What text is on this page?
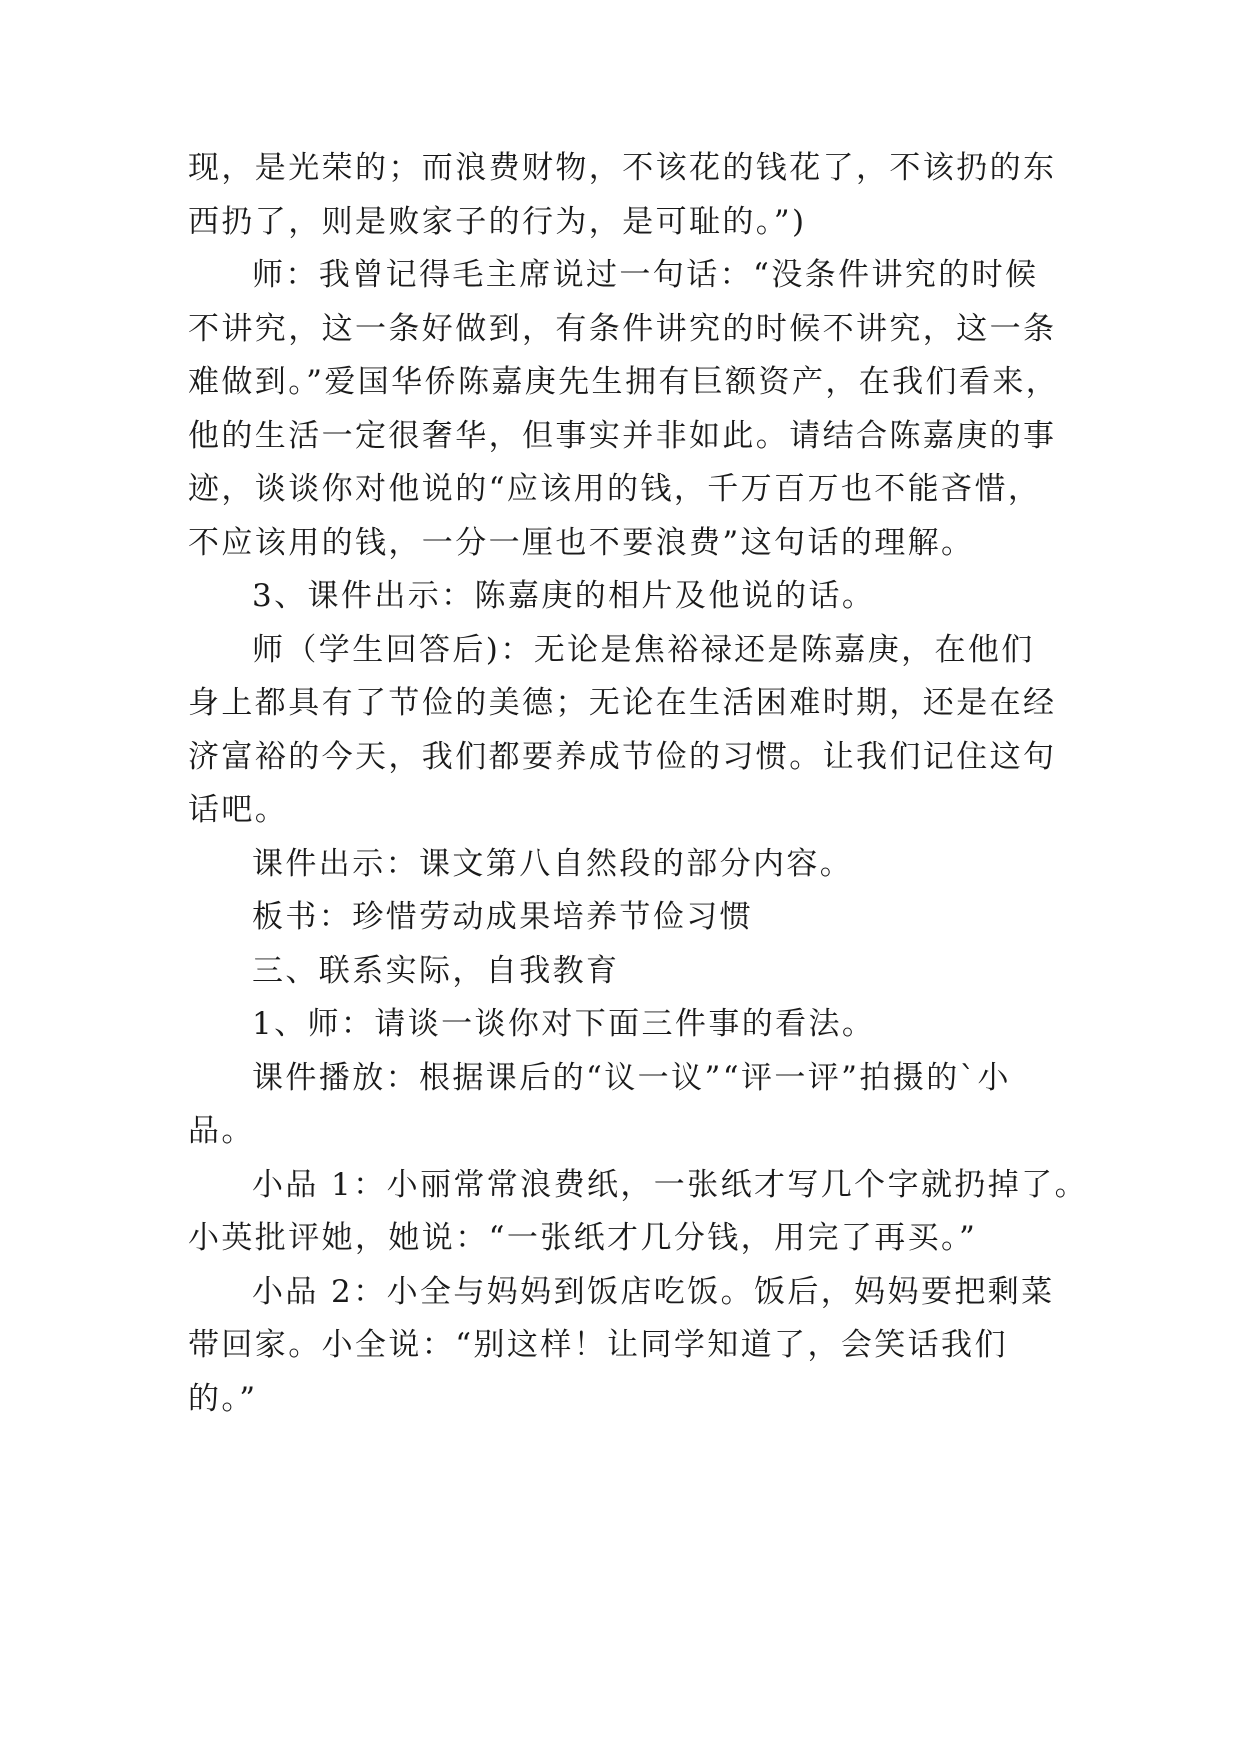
现，是光荣的；而浪费财物，不该花的钱花了，不该扔的东
西扔了，则是败家子的行为，是可耻的。”)
师：我曾记得毛主席说过一句话：“没条件讲究的时候
不讲究，这一条好做到，有条件讲究的时候不讲究，这一条
难做到。”爱国华侨陈嘉庚先生拥有巨额资产，在我们看来，
他的生活一定很奢华，但事实并非如此。请结合陈嘉庚的事
迹，谈谈你对他说的“应该用的钱，千万百万也不能吝惜，
不应该用的钱，一分一厘也不要浪费”这句话的理解。
3、课件出示：陈嘉庚的相片及他说的话。
师（学生回答后)：无论是焦裕禄还是陈嘉庚，在他们
身上都具有了节俭的美德；无论在生活困难时期，还是在经
济富裕的今天，我们都要养成节俭的习惯。让我们记住这句
话吧。
课件出示：课文第八自然段的部分内容。
板书：珍惜劳动成果培养节俭习惯
三、联系实际，自我教育
1、师：请谈一谈你对下面三件事的看法。
课件播放：根据课后的“议一议”“评一评”拍摄的`小
品。
小品 1：小丽常常浪费纸，一张纸才写几个字就扔掉了。
小英批评她，她说：“一张纸才几分钱，用完了再买。”
小品 2：小全与妈妈到饭店吃饭。饭后，妈妈要把剩菜
带回家。小全说：“别这样！让同学知道了，会笑话我们
的。”
